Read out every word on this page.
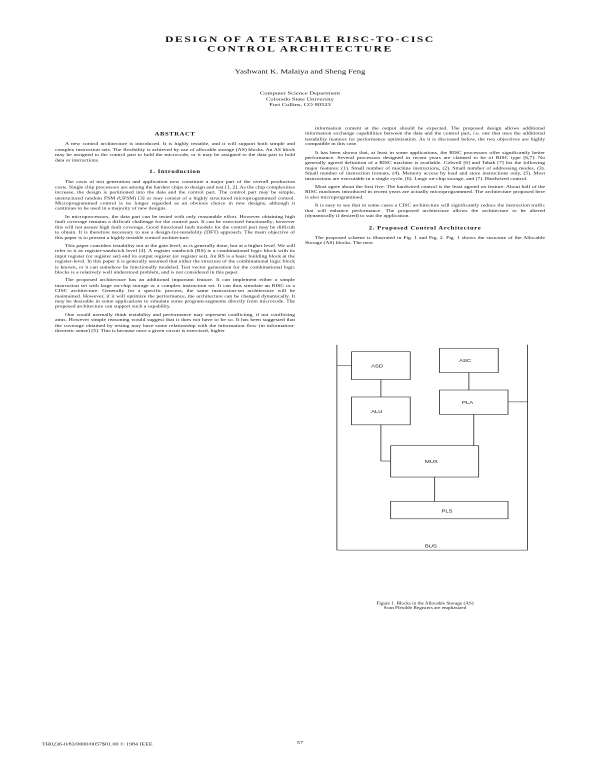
DESIGN OF A TESTABLE RISC-TO-CISC
CONTROL ARCHITECTURE
Yashwant K. Malaiya and Sheng Feng
Computer Science Department
Colorado State University
Fort Collins, CO 80523
ABSTRACT

A new control architecture is introduced. It is highly testable, and it will support both simple and complex instruction sets. The flexibility is achieved by use of allocable storage (AS) blocks. An AS block may be assigned to the control part to hold the microcode, or it may be assigned to the data part to hold data or instructions.

1. Introduction

The costs of test generation and application now constitute a major part of the overall production costs. Single chip processors are among the hardest chips to design and test [1, 2]. As the chip complexities increase, the design is partitioned into the data and the control part. The control part may be simple, unstructured random FSM (UFSM) [3] or may consist of a highly structured microprogrammed control. Microprogrammed control is no longer regarded as an obvious choice in new designs, although it continues to be used in a majority of new designs.

In microprocessors, the data part can be tested with only reasonable effort. However obtaining high fault coverage remains a difficult challenge for the control part. It can be exercised functionally; however this will not assure high fault coverage. Good functional fault models for the control part may be difficult to obtain. It is therefore necessary to use a design-for-testability (DFT) approach. The main objective of this paper is to present a highly testable control architecture.

This paper considers testability not at the gate level, as is generally done, but at a higher level. We will refer to it as register-sandwich level [4]. A register sandwich (RS) is a combinational logic block with its input register (or register set) and its output register (or register set). An RS is a basic building block at the register-level. In this paper it is generally assumed that either the structure of the combinational logic block is known, or it can somehow be functionally modeled. Test vector generation for the combinational logic blocks is a relatively well understood problem, and is not considered in this paper.

The proposed architecture has an additional important feature. It can implement either a simple instruction set with large on-chip storage or a complex instruction set. It can thus simulate an RISC or a CISC architecture. Generally for a specific process, the same instruction-set architecture will be maintained. However, if it will optimize the performance, the architecture can be changed dynamically. It may be desirable in some applications to simulate some program-segments directly from microcode. The proposed architecture can support such a capability.

One would normally think testability and performance may represent conflicting, if not conflicting aims. However simple reasoning would suggest that it does not have to be so. It has been suggested that the coverage obtained by testing may have some relationship with the information flow (in information-theoretic sense) [5]. This is because once a given circuit is exercised, higher

information content at the output should be expected. The proposed design allows additional information exchange capabilities between the data and the control part, i.e. one that uses the additional testability features for performance optimization. As it is discussed below, the two objectives are highly compatible in this case.

It has been shown that, at least in some applications, the RISC processors offer significantly better performance. Several processors designed in recent years are claimed to be of RISC type [6,7]. No generally agreed definition of a RISC machine is available. Colwell [6] and Tabak [7] list the following major features: (1). Small number of machine instructions, (2). Small number of addressing modes, (3). Small number of instruction formats, (4). Memory access by load and store instructions only, (5). Most instructions are executable in a single cycle, (6). Large on-chip storage, and (7). Hardwired control.

Most agree about the first five. The hardwired control is the least agreed on feature. About half of the RISC machines introduced in recent years are actually microprogrammed. The architecture proposed here is also microprogrammed.

It is easy to see that in some cases a CISC architecture will significantly reduce the instruction traffic that will enhance performance. The proposed architecture allows the architecture to be altered (dynamically if desired) to suit the application.

2. Proposed Control Architecture

The proposed scheme is illustrated in Fig. 1 and Fig. 2. Fig. 1 shows the structure of the Allocable Storage (AS) blocks. The next

ASD
ASC
ALU
PLA
MUX
PLS
BUS
Figure 1. Blocks in the Allocable Storage (AS)
Scan Flexible Registers are emphasized
TH0236-0/83/0000/0057$01.00 © 1984 IEEE	57
